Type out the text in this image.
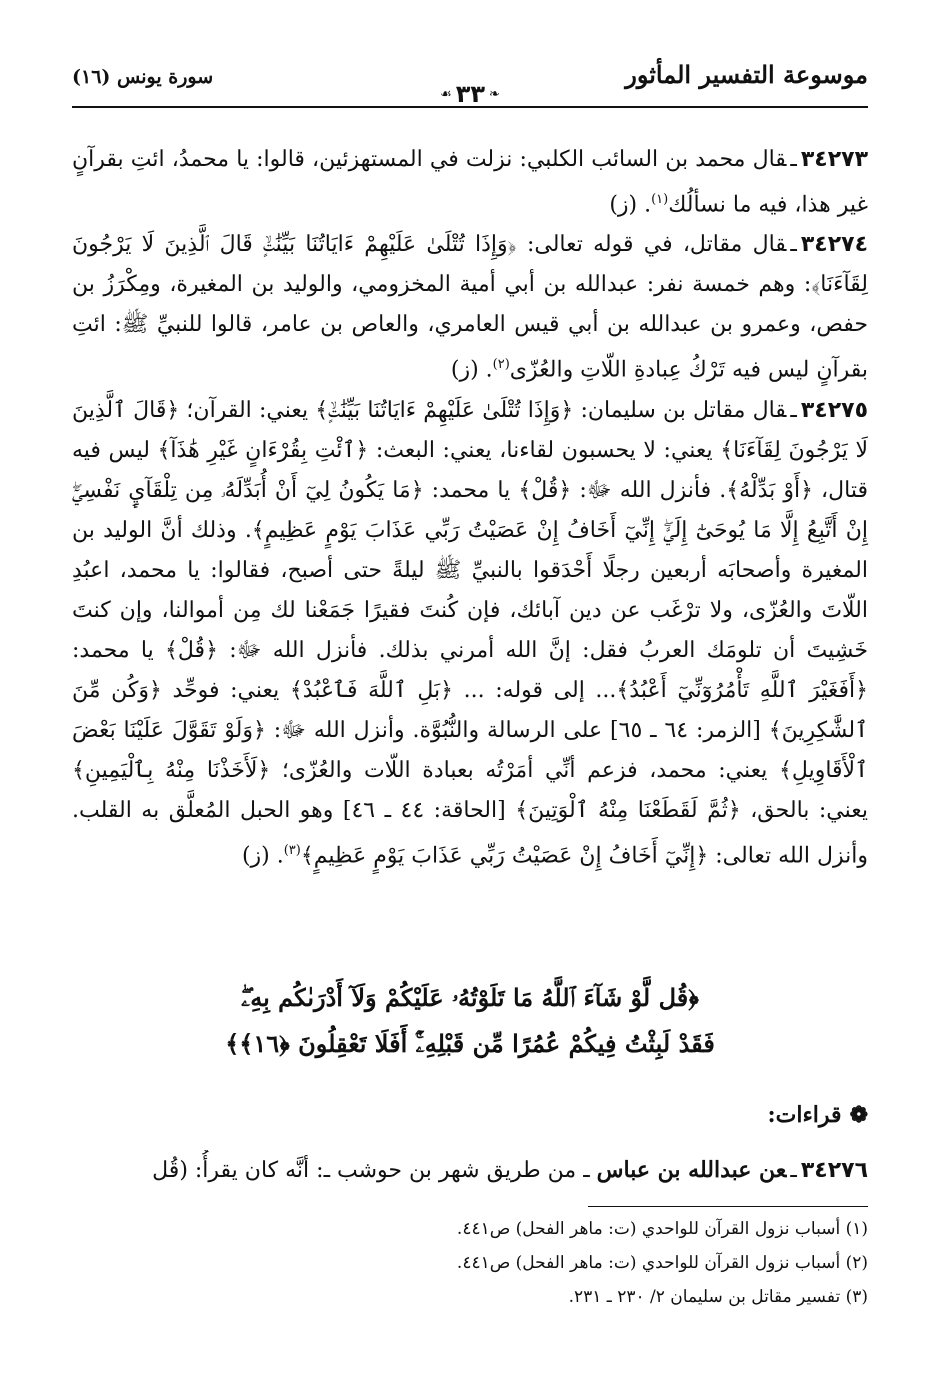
موسوعة التفسير المأثور
❧
٣٣
☙
سورة يونس (١٦)

٣٤٢٧٣ـقال محمد بن السائب الكلبي: نزلت في المستهزئين، قالوا: يا محمدُ، ائتِ بقرآنٍ غير هذا، فيه ما نسألُك$^{(١)}$. (ز)

٣٤٢٧٤ـقال مقاتل، في قوله تعالى: ﴿وَإِذَا تُتْلَىٰ عَلَيْهِمْ ءَايَاتُنَا بَيِّنَٰتٍۙ قَالَ ٱلَّذِينَ لَا يَرْجُونَ لِقَآءَنَا﴾: وهم خمسة نفر: عبدالله بن أبي أمية المخزومي، والوليد بن المغيرة، ومِكْرَزُ بن حفص، وعمرو بن عبدالله بن أبي قيس العامري، والعاص بن عامر، قالوا للنبيِّ ﷺ: ائتِ بقرآنٍ ليس فيه تَرْكُ عِبادةِ اللّاتِ والعُزّى$^{(٢)}$. (ز)

٣٤٢٧٥ـقال مقاتل بن سليمان: ﴿وَإِذَا تُتْلَىٰ عَلَيْهِمْ ءَايَاتُنَا بَيِّنَٰتٍۙ﴾ يعني: القرآن؛ ﴿قَالَ ٱلَّذِينَ لَا يَرْجُونَ لِقَآءَنَا﴾ يعني: لا يحسبون لقاءنا، يعني: البعث: ﴿ٱئْتِ بِقُرْءَانٍ غَيْرِ هَٰذَآ﴾ ليس فيه قتال، ﴿أَوْ بَدِّلْهُ﴾. فأنزل الله ﷻ: ﴿قُلْ﴾ يا محمد: ﴿مَا يَكُونُ لِيٓ أَنْ أُبَدِّلَهُۥ مِن تِلْقَآيِٕ نَفْسِيٓۖ إِنْ أَتَّبِعُ إِلَّا مَا يُوحَىٰٓ إِلَيَّۖ إِنِّيٓ أَخَافُ إِنْ عَصَيْتُ رَبِّي عَذَابَ يَوْمٍ عَظِيمٍ﴾. وذلك أنَّ الوليد بن المغيرة وأصحابَه أربعين رجلًا أَحْدَقوا بالنبيِّ ﷺ ليلةً حتى أصبح، فقالوا: يا محمد، اعبُدِ اللّاتَ والعُزّى، ولا ترْغَب عن دين آبائك، فإن كُنتَ فقيرًا جَمَعْنا لك مِن أموالنا، وإن كنتَ خَشِيتَ أن تلومَك العربُ فقل: إنَّ الله أمرني بذلك. فأنزل الله ﷻ: ﴿قُلْ﴾ يا محمد: ﴿أَفَغَيْرَ ٱللَّهِ تَأْمُرُوٓنِّيٓ أَعْبُدُ﴾... إلى قوله: ... ﴿بَلِ ٱللَّهَ فَٱعْبُدْ﴾ يعني: فوحِّد ﴿وَكُن مِّنَ ٱلشَّٰكِرِينَ﴾ [الزمر: ٦٤ ـ ٦٥] على الرسالة والنُّبُوَّة. وأنزل الله ﷻ: ﴿وَلَوْ تَقَوَّلَ عَلَيْنَا بَعْضَ ٱلْأَقَاوِيلِ﴾ يعني: محمد، فزعم أنِّي أمَرْتُه بعبادة اللّات والعُزّى؛ ﴿لَأَخَذْنَا مِنْهُ بِٱلْيَمِينِ﴾ يعني: بالحق، ﴿ثُمَّ لَقَطَعْنَا مِنْهُ ٱلْوَتِينَ﴾ [الحاقة: ٤٤ ـ ٤٦] وهو الحبل المُعلَّق به القلب. وأنزل الله تعالى: ﴿إِنِّيٓ أَخَافُ إِنْ عَصَيْتُ رَبِّي عَذَابَ يَوْمٍ عَظِيمٍ﴾$^{(٣)}$. (ز)

﴿قُل لَّوْ شَآءَ ٱللَّهُ مَا تَلَوْتُهُۥ عَلَيْكُمْ وَلَآ أَدْرَىٰكُم بِهِۦۖ
فَقَدْ لَبِثْتُ فِيكُمْ عُمُرًا مِّن قَبْلِهِۦٓۚ أَفَلَا تَعْقِلُونَ ﴿١٦﴾﴾
❁
قراءات:
٣٤٢٧٦ـعن عبدالله بن عباس ـ من طريق شهر بن حوشب ـ: أنَّه كان يقرأُ: (قُل

(١) أسباب نزول القرآن للواحدي (ت: ماهر الفحل) ص٤٤١.

(٢) أسباب نزول القرآن للواحدي (ت: ماهر الفحل) ص٤٤١.

(٣) تفسير مقاتل بن سليمان ٢/ ٢٣٠ ـ ٢٣١.
